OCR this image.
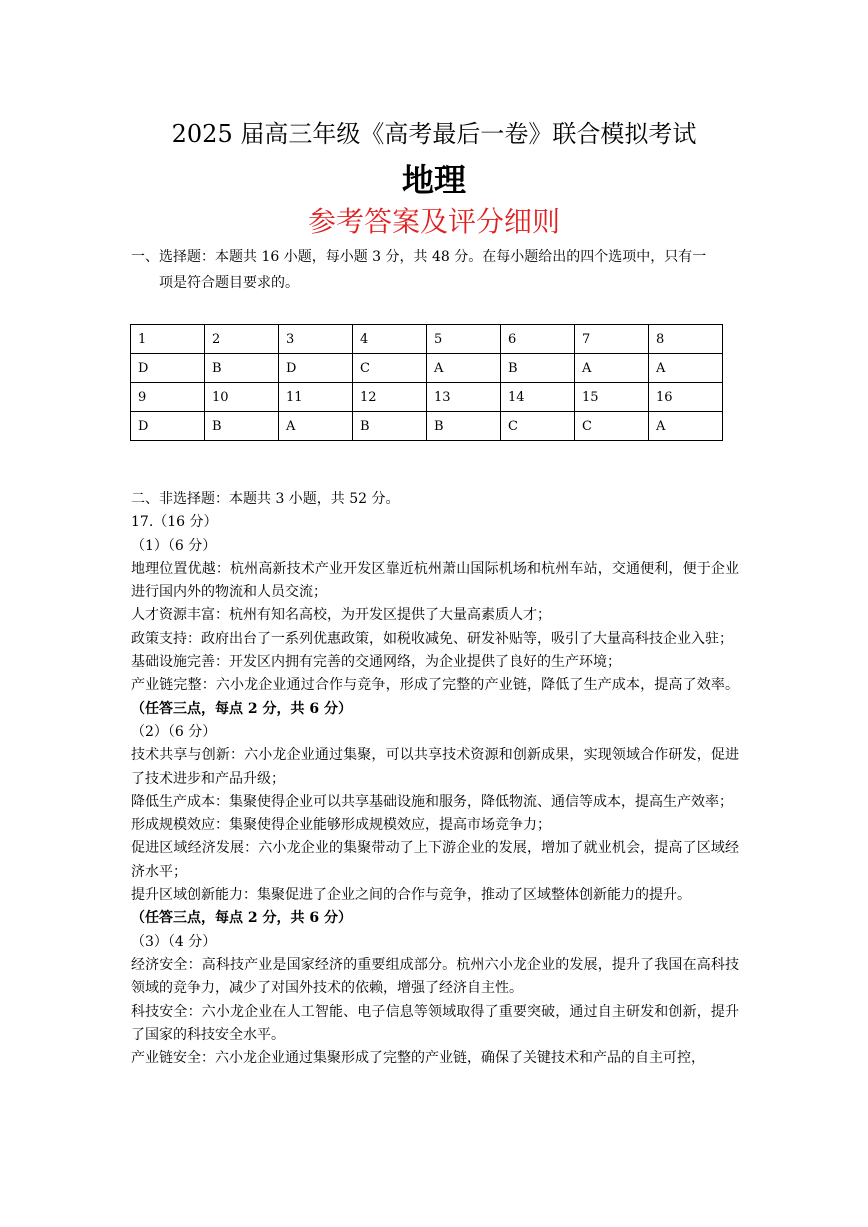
2025 届高三年级《高考最后一卷》联合模拟考试
地理
参考答案及评分细则
一、选择题：本题共 16 小题，每小题 3 分，共 48 分。在每小题给出的四个选项中，只有一
项是符合题目要求的。
1	2	3	4	5	6	7	8
D	B	D	C	A	B	A	A
9	10	11	12	13	14	15	16
D	B	A	B	B	C	C	A

二、非选择题：本题共 3 小题，共 52 分。

17.（16 分）

（1）（6 分）

地理位置优越：杭州高新技术产业开发区靠近杭州萧山国际机场和杭州车站，交通便利，便于企业进行国内外的物流和人员交流；

人才资源丰富：杭州有知名高校，为开发区提供了大量高素质人才；

政策支持：政府出台了一系列优惠政策，如税收减免、研发补贴等，吸引了大量高科技企业入驻；

基础设施完善：开发区内拥有完善的交通网络，为企业提供了良好的生产环境；

产业链完整：六小龙企业通过合作与竞争，形成了完整的产业链，降低了生产成本，提高了效率。（任答三点，每点 2 分，共 6 分）

（2）（6 分）

技术共享与创新：六小龙企业通过集聚，可以共享技术资源和创新成果，实现领域合作研发，促进了技术进步和产品升级；

降低生产成本：集聚使得企业可以共享基础设施和服务，降低物流、通信等成本，提高生产效率；

形成规模效应：集聚使得企业能够形成规模效应，提高市场竞争力；

促进区域经济发展：六小龙企业的集聚带动了上下游企业的发展，增加了就业机会，提高了区域经济水平；

提升区域创新能力：集聚促进了企业之间的合作与竞争，推动了区域整体创新能力的提升。

（任答三点，每点 2 分，共 6 分）

（3）（4 分）

经济安全：高科技产业是国家经济的重要组成部分。杭州六小龙企业的发展，提升了我国在高科技领域的竞争力，减少了对国外技术的依赖，增强了经济自主性。

科技安全：六小龙企业在人工智能、电子信息等领域取得了重要突破，通过自主研发和创新，提升了国家的科技安全水平。

产业链安全：六小龙企业通过集聚形成了完整的产业链，确保了关键技术和产品的自主可控，
